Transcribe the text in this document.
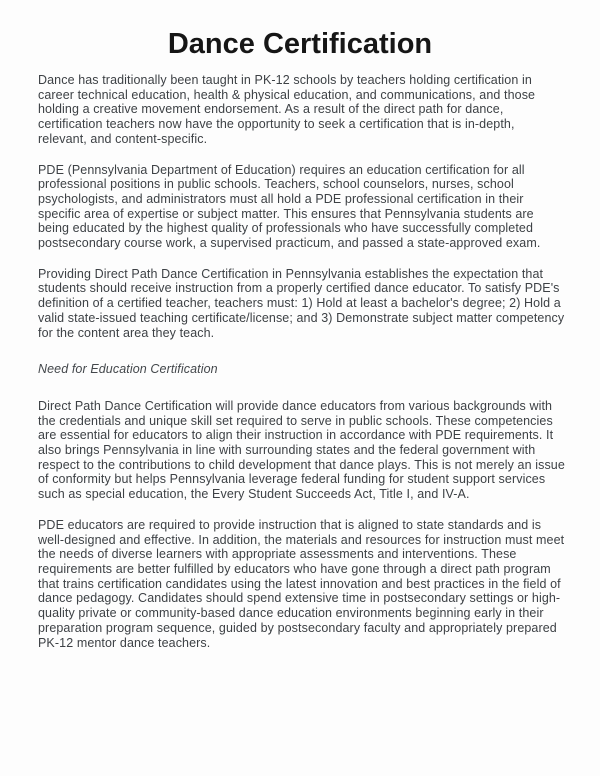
Dance Certification

Dance has traditionally been taught in PK-12 schools by teachers holding certification in career technical education, health & physical education, and communications, and those holding a creative movement endorsement. As a result of the direct path for dance, certification teachers now have the opportunity to seek a certification that is in-depth, relevant, and content-specific.

PDE (Pennsylvania Department of Education) requires an education certification for all professional positions in public schools. Teachers, school counselors, nurses, school psychologists, and administrators must all hold a PDE professional certification in their specific area of expertise or subject matter. This ensures that Pennsylvania students are being educated by the highest quality of professionals who have successfully completed postsecondary course work, a supervised practicum, and passed a state-approved exam.

Providing Direct Path Dance Certification in Pennsylvania establishes the expectation that students should receive instruction from a properly certified dance educator. To satisfy PDE's definition of a certified teacher, teachers must: 1) Hold at least a bachelor's degree; 2) Hold a valid state-issued teaching certificate/license; and 3) Demonstrate subject matter competency for the content area they teach.

Need for Education Certification

Direct Path Dance Certification will provide dance educators from various backgrounds with the credentials and unique skill set required to serve in public schools. These competencies are essential for educators to align their instruction in accordance with PDE requirements. It also brings Pennsylvania in line with surrounding states and the federal government with respect to the contributions to child development that dance plays. This is not merely an issue of conformity but helps Pennsylvania leverage federal funding for student support services such as special education, the Every Student Succeeds Act, Title I, and IV-A.

PDE educators are required to provide instruction that is aligned to state standards and is well-designed and effective. In addition, the materials and resources for instruction must meet the needs of diverse learners with appropriate assessments and interventions. These requirements are better fulfilled by educators who have gone through a direct path program that trains certification candidates using the latest innovation and best practices in the field of dance pedagogy. Candidates should spend extensive time in postsecondary settings or high-quality private or community-based dance education environments beginning early in their preparation program sequence, guided by postsecondary faculty and appropriately prepared PK-12 mentor dance teachers.
